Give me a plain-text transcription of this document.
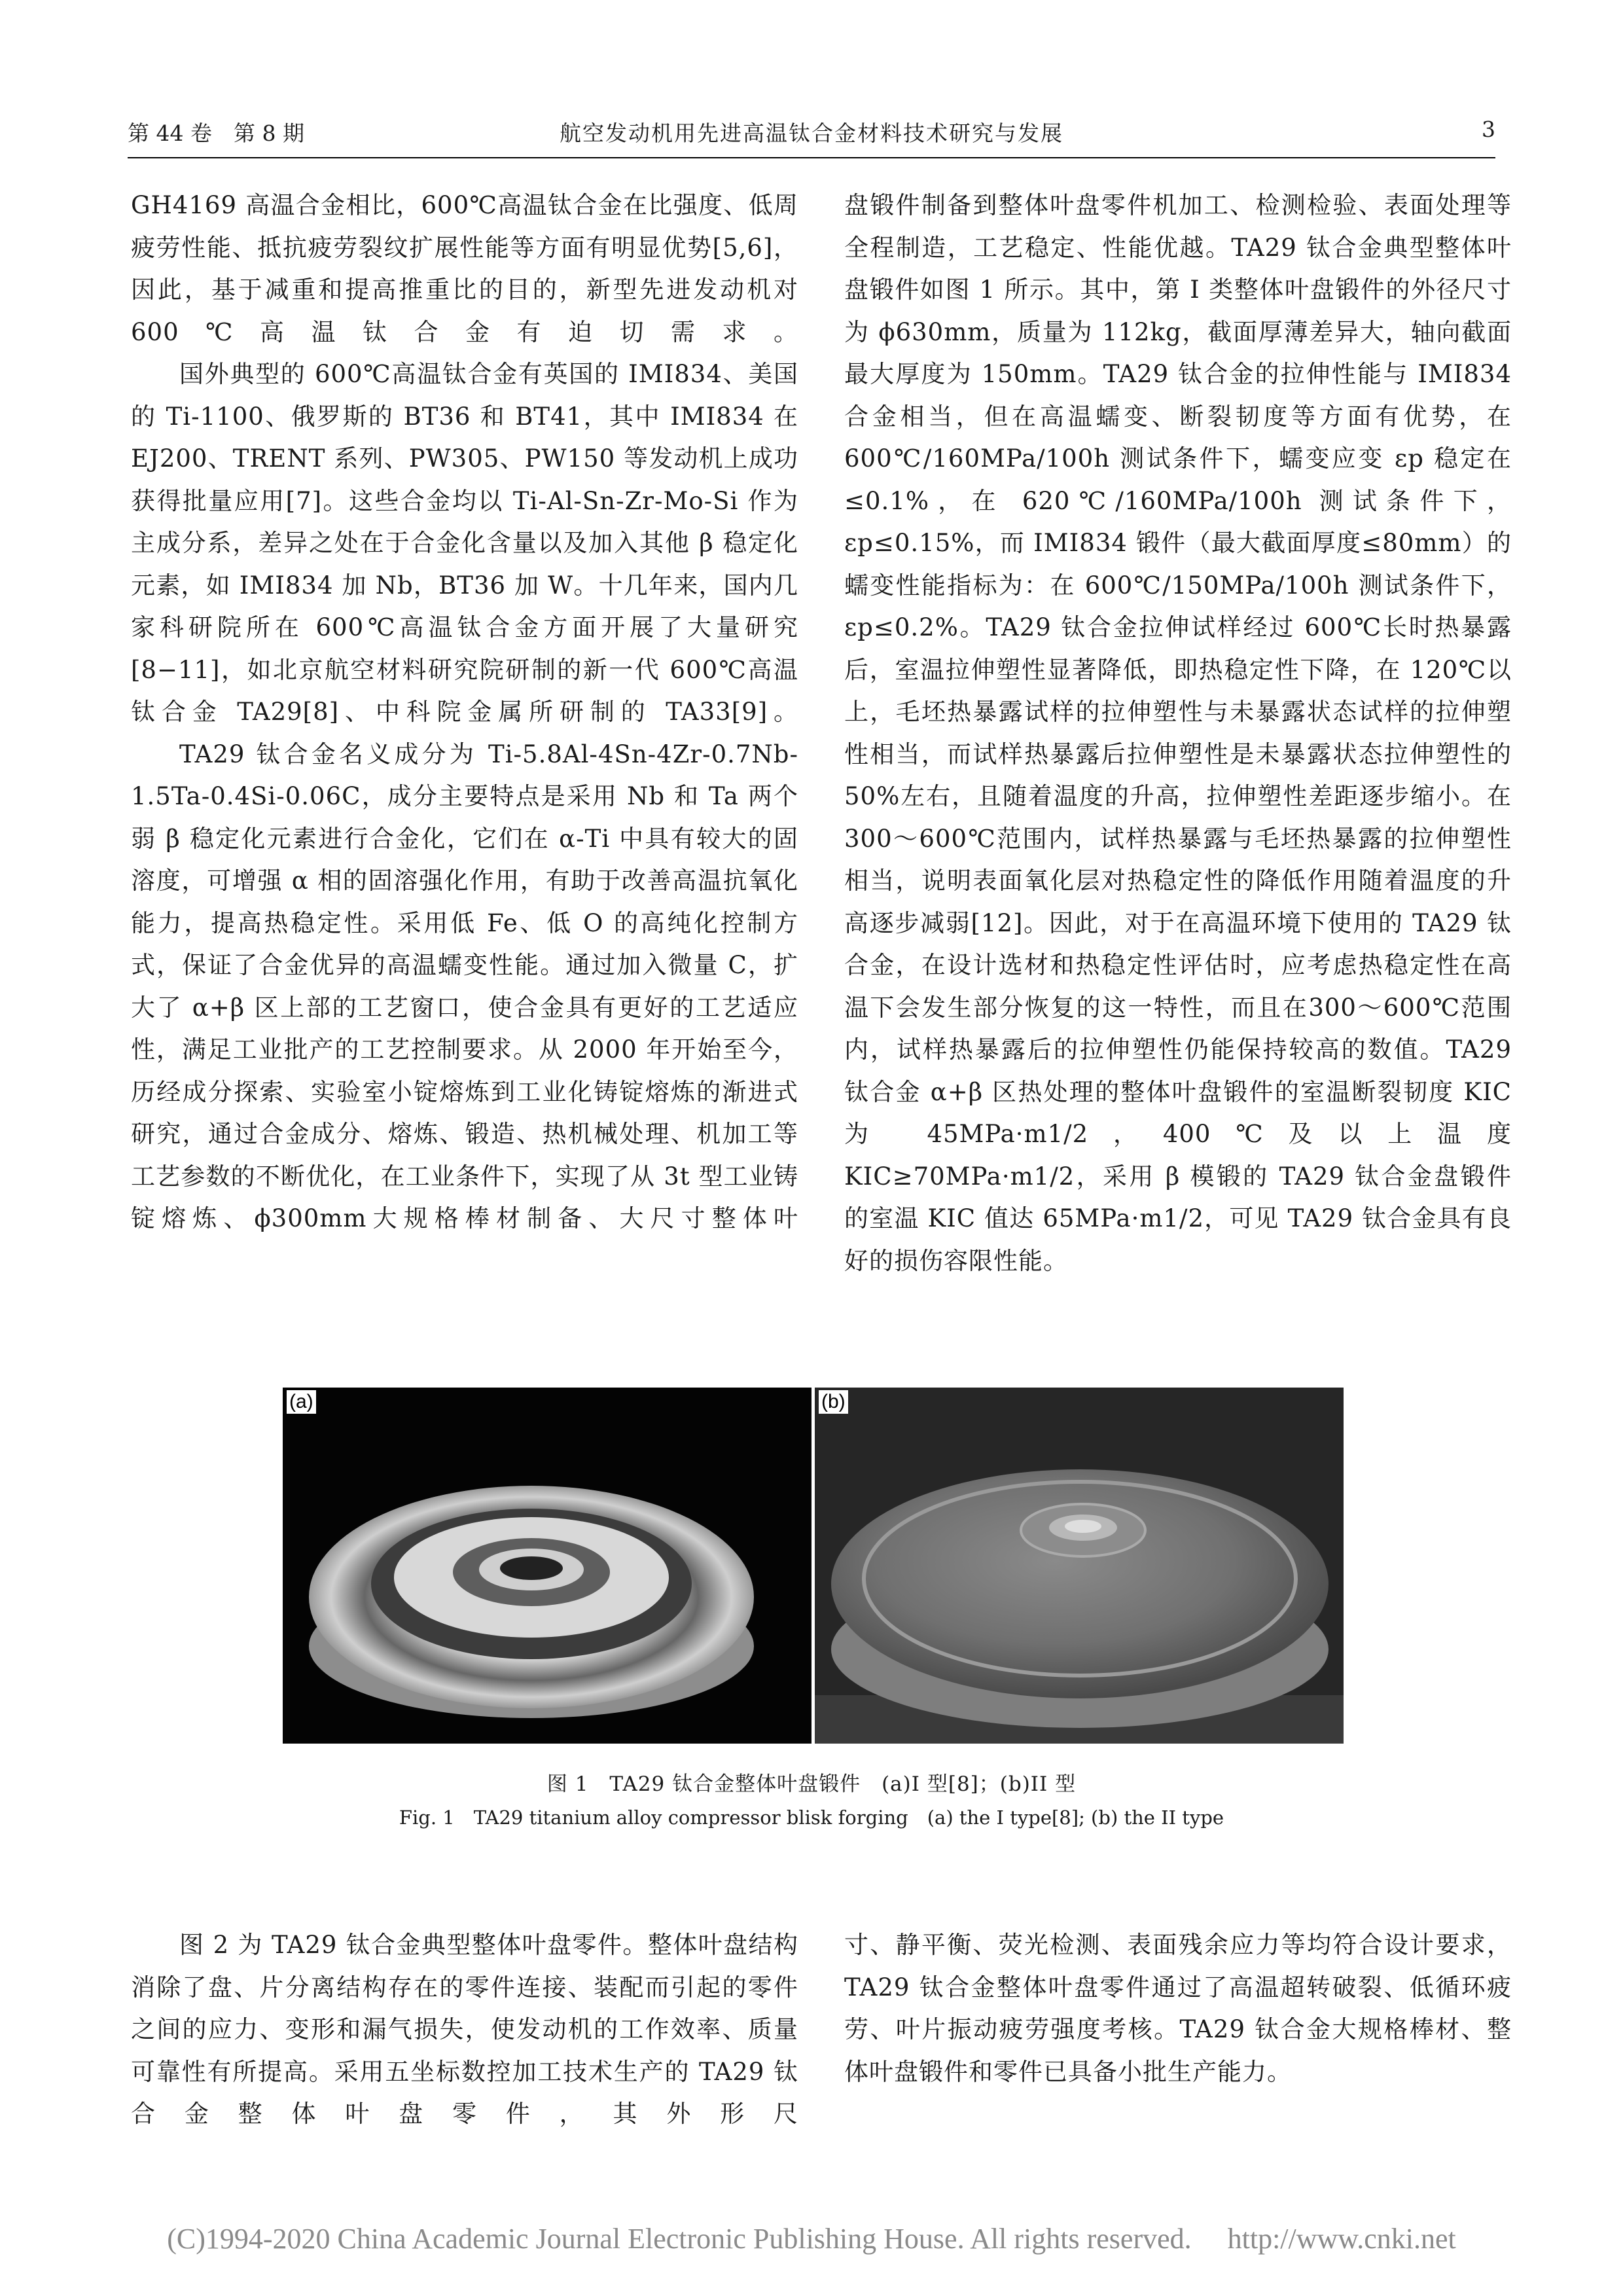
第 44 卷　第 8 期	航空发动机用先进高温钛合金材料技术研究与发展	3

GH4169 高温合金相比，600℃高温钛合金在比强度、低周疲劳性能、抵抗疲劳裂纹扩展性能等方面有明显优势[5,6]，因此，基于减重和提高推重比的目的，新型先进发动机对 600℃高温钛合金有迫切需求。

国外典型的 600℃高温钛合金有英国的 IMI834、美国的 Ti-1100、俄罗斯的 BT36 和 BT41，其中 IMI834 在 EJ200、TRENT 系列、PW305、PW150 等发动机上成功获得批量应用[7]。这些合金均以 Ti-Al-Sn-Zr-Mo-Si 作为主成分系，差异之处在于合金化含量以及加入其他 β 稳定化元素，如 IMI834 加 Nb，BT36 加 W。十几年来，国内几家科研院所在 600℃高温钛合金方面开展了大量研究[8−11]，如北京航空材料研究院研制的新一代 600℃高温钛合金 TA29[8]、中科院金属所研制的 TA33[9]。

TA29 钛合金名义成分为 Ti-5.8Al-4Sn-4Zr-0.7Nb-1.5Ta-0.4Si-0.06C，成分主要特点是采用 Nb 和 Ta 两个弱 β 稳定化元素进行合金化，它们在 α-Ti 中具有较大的固溶度，可增强 α 相的固溶强化作用，有助于改善高温抗氧化能力，提高热稳定性。采用低 Fe、低 O 的高纯化控制方式，保证了合金优异的高温蠕变性能。通过加入微量 C，扩大了 α+β 区上部的工艺窗口，使合金具有更好的工艺适应性，满足工业批产的工艺控制要求。从 2000 年开始至今，历经成分探索、实验室小锭熔炼到工业化铸锭熔炼的渐进式研究，通过合金成分、熔炼、锻造、热机械处理、机加工等工艺参数的不断优化，在工业条件下，实现了从 3t 型工业铸锭熔炼、ϕ300mm大规格棒材制备、大尺寸整体叶

盘锻件制备到整体叶盘零件机加工、检测检验、表面处理等全程制造，工艺稳定、性能优越。TA29 钛合金典型整体叶盘锻件如图 1 所示。其中，第 I 类整体叶盘锻件的外径尺寸为 ϕ630mm，质量为 112kg，截面厚薄差异大，轴向截面最大厚度为 150mm。TA29 钛合金的拉伸性能与 IMI834 合金相当，但在高温蠕变、断裂韧度等方面有优势，在 600℃/160MPa/100h 测试条件下，蠕变应变 εp 稳定在≤0.1%，在 620℃/160MPa/100h 测试条件下，εp≤0.15%，而 IMI834 锻件（最大截面厚度≤80mm）的蠕变性能指标为：在 600℃/150MPa/100h 测试条件下，εp≤0.2%。TA29 钛合金拉伸试样经过 600℃长时热暴露后，室温拉伸塑性显著降低，即热稳定性下降，在 120℃以上，毛坯热暴露试样的拉伸塑性与未暴露状态试样的拉伸塑性相当，而试样热暴露后拉伸塑性是未暴露状态拉伸塑性的 50%左右，且随着温度的升高，拉伸塑性差距逐步缩小。在 300～600℃范围内，试样热暴露与毛坯热暴露的拉伸塑性相当，说明表面氧化层对热稳定性的降低作用随着温度的升高逐步减弱[12]。因此，对于在高温环境下使用的 TA29 钛合金，在设计选材和热稳定性评估时，应考虑热稳定性在高温下会发生部分恢复的这一特性，而且在300～600℃范围内，试样热暴露后的拉伸塑性仍能保持较高的数值。TA29 钛合金 α+β 区热处理的整体叶盘锻件的室温断裂韧度 KIC 为 45MPa·m1/2，400℃及以上温度 KIC≥70MPa·m1/2，采用 β 模锻的 TA29 钛合金盘锻件的室温 KIC 值达 65MPa·m1/2，可见 TA29 钛合金具有良好的损伤容限性能。

(a)	(b)
图 1　TA29 钛合金整体叶盘锻件　(a)I 型[8]；(b)II 型
Fig. 1　TA29 titanium alloy compressor blisk forging　(a) the I type[8]; (b) the II type

图 2 为 TA29 钛合金典型整体叶盘零件。整体叶盘结构消除了盘、片分离结构存在的零件连接、装配而引起的零件之间的应力、变形和漏气损失，使发动机的工作效率、质量可靠性有所提高。采用五坐标数控加工技术生产的 TA29 钛合金整体叶盘零件，其外形尺

寸、静平衡、荧光检测、表面残余应力等均符合设计要求，TA29 钛合金整体叶盘零件通过了高温超转破裂、低循环疲劳、叶片振动疲劳强度考核。TA29 钛合金大规格棒材、整体叶盘锻件和零件已具备小批生产能力。

(C)1994-2020 China Academic Journal Electronic Publishing House. All rights reserved.　 http://www.cnki.net
